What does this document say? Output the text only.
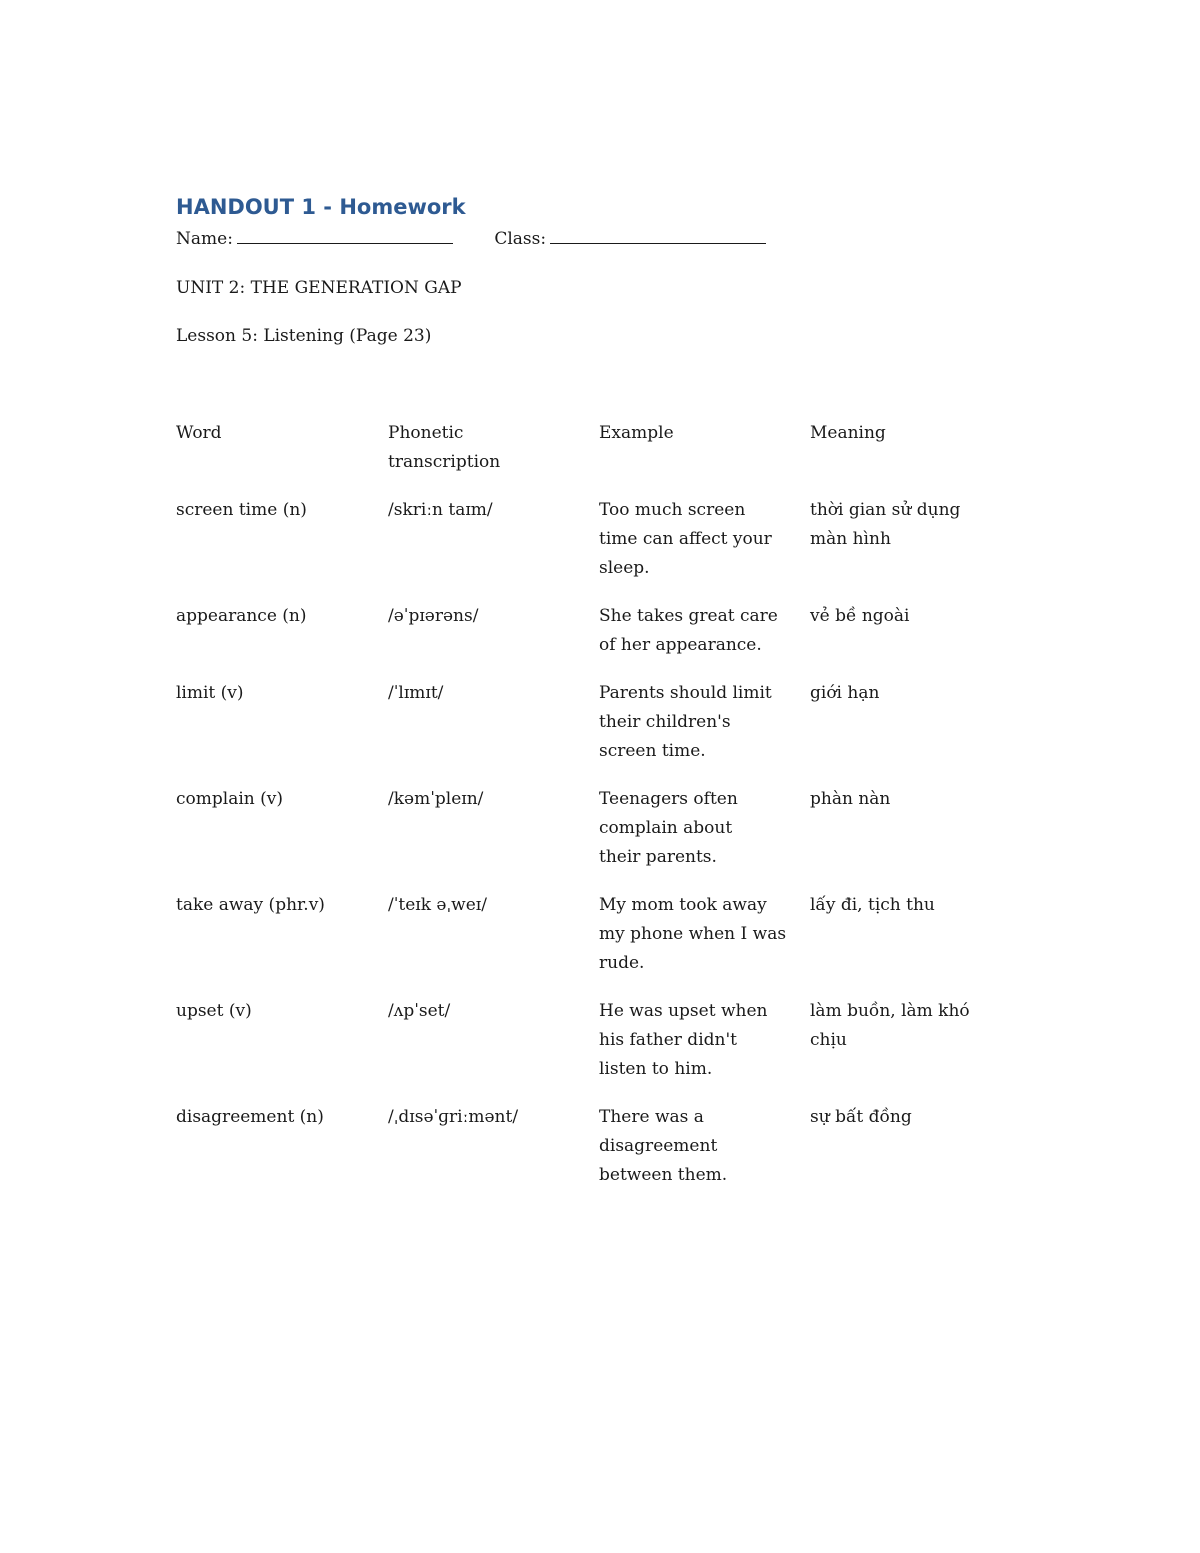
HANDOUT 1 - Homework
Name:	Class:
UNIT 2: THE GENERATION GAP
Lesson 5: Listening (Page 23)
Word	Phonetic transcription	Example	Meaning
screen time (n)	/skriːn taɪm/	Too much screen time can affect your sleep.	thời gian sử dụng màn hình

appearance (n)	/əˈpɪərəns/	She takes great care of her appearance.	vẻ bề ngoài

limit (v)	/ˈlɪmɪt/	Parents should limit their children's screen time.	giới hạn

complain (v)	/kəmˈpleɪn/	Teenagers often complain about their parents.	phàn nàn

take away (phr.v)	/ˈteɪk əˌweɪ/	My mom took away my phone when I was rude.	lấy đi, tịch thu

upset (v)	/ʌpˈset/	He was upset when his father didn't listen to him.	làm buồn, làm khó chịu

disagreement (n)	/ˌdɪsəˈɡriːmənt/	There was a disagreement between them.	sự bất đồng
